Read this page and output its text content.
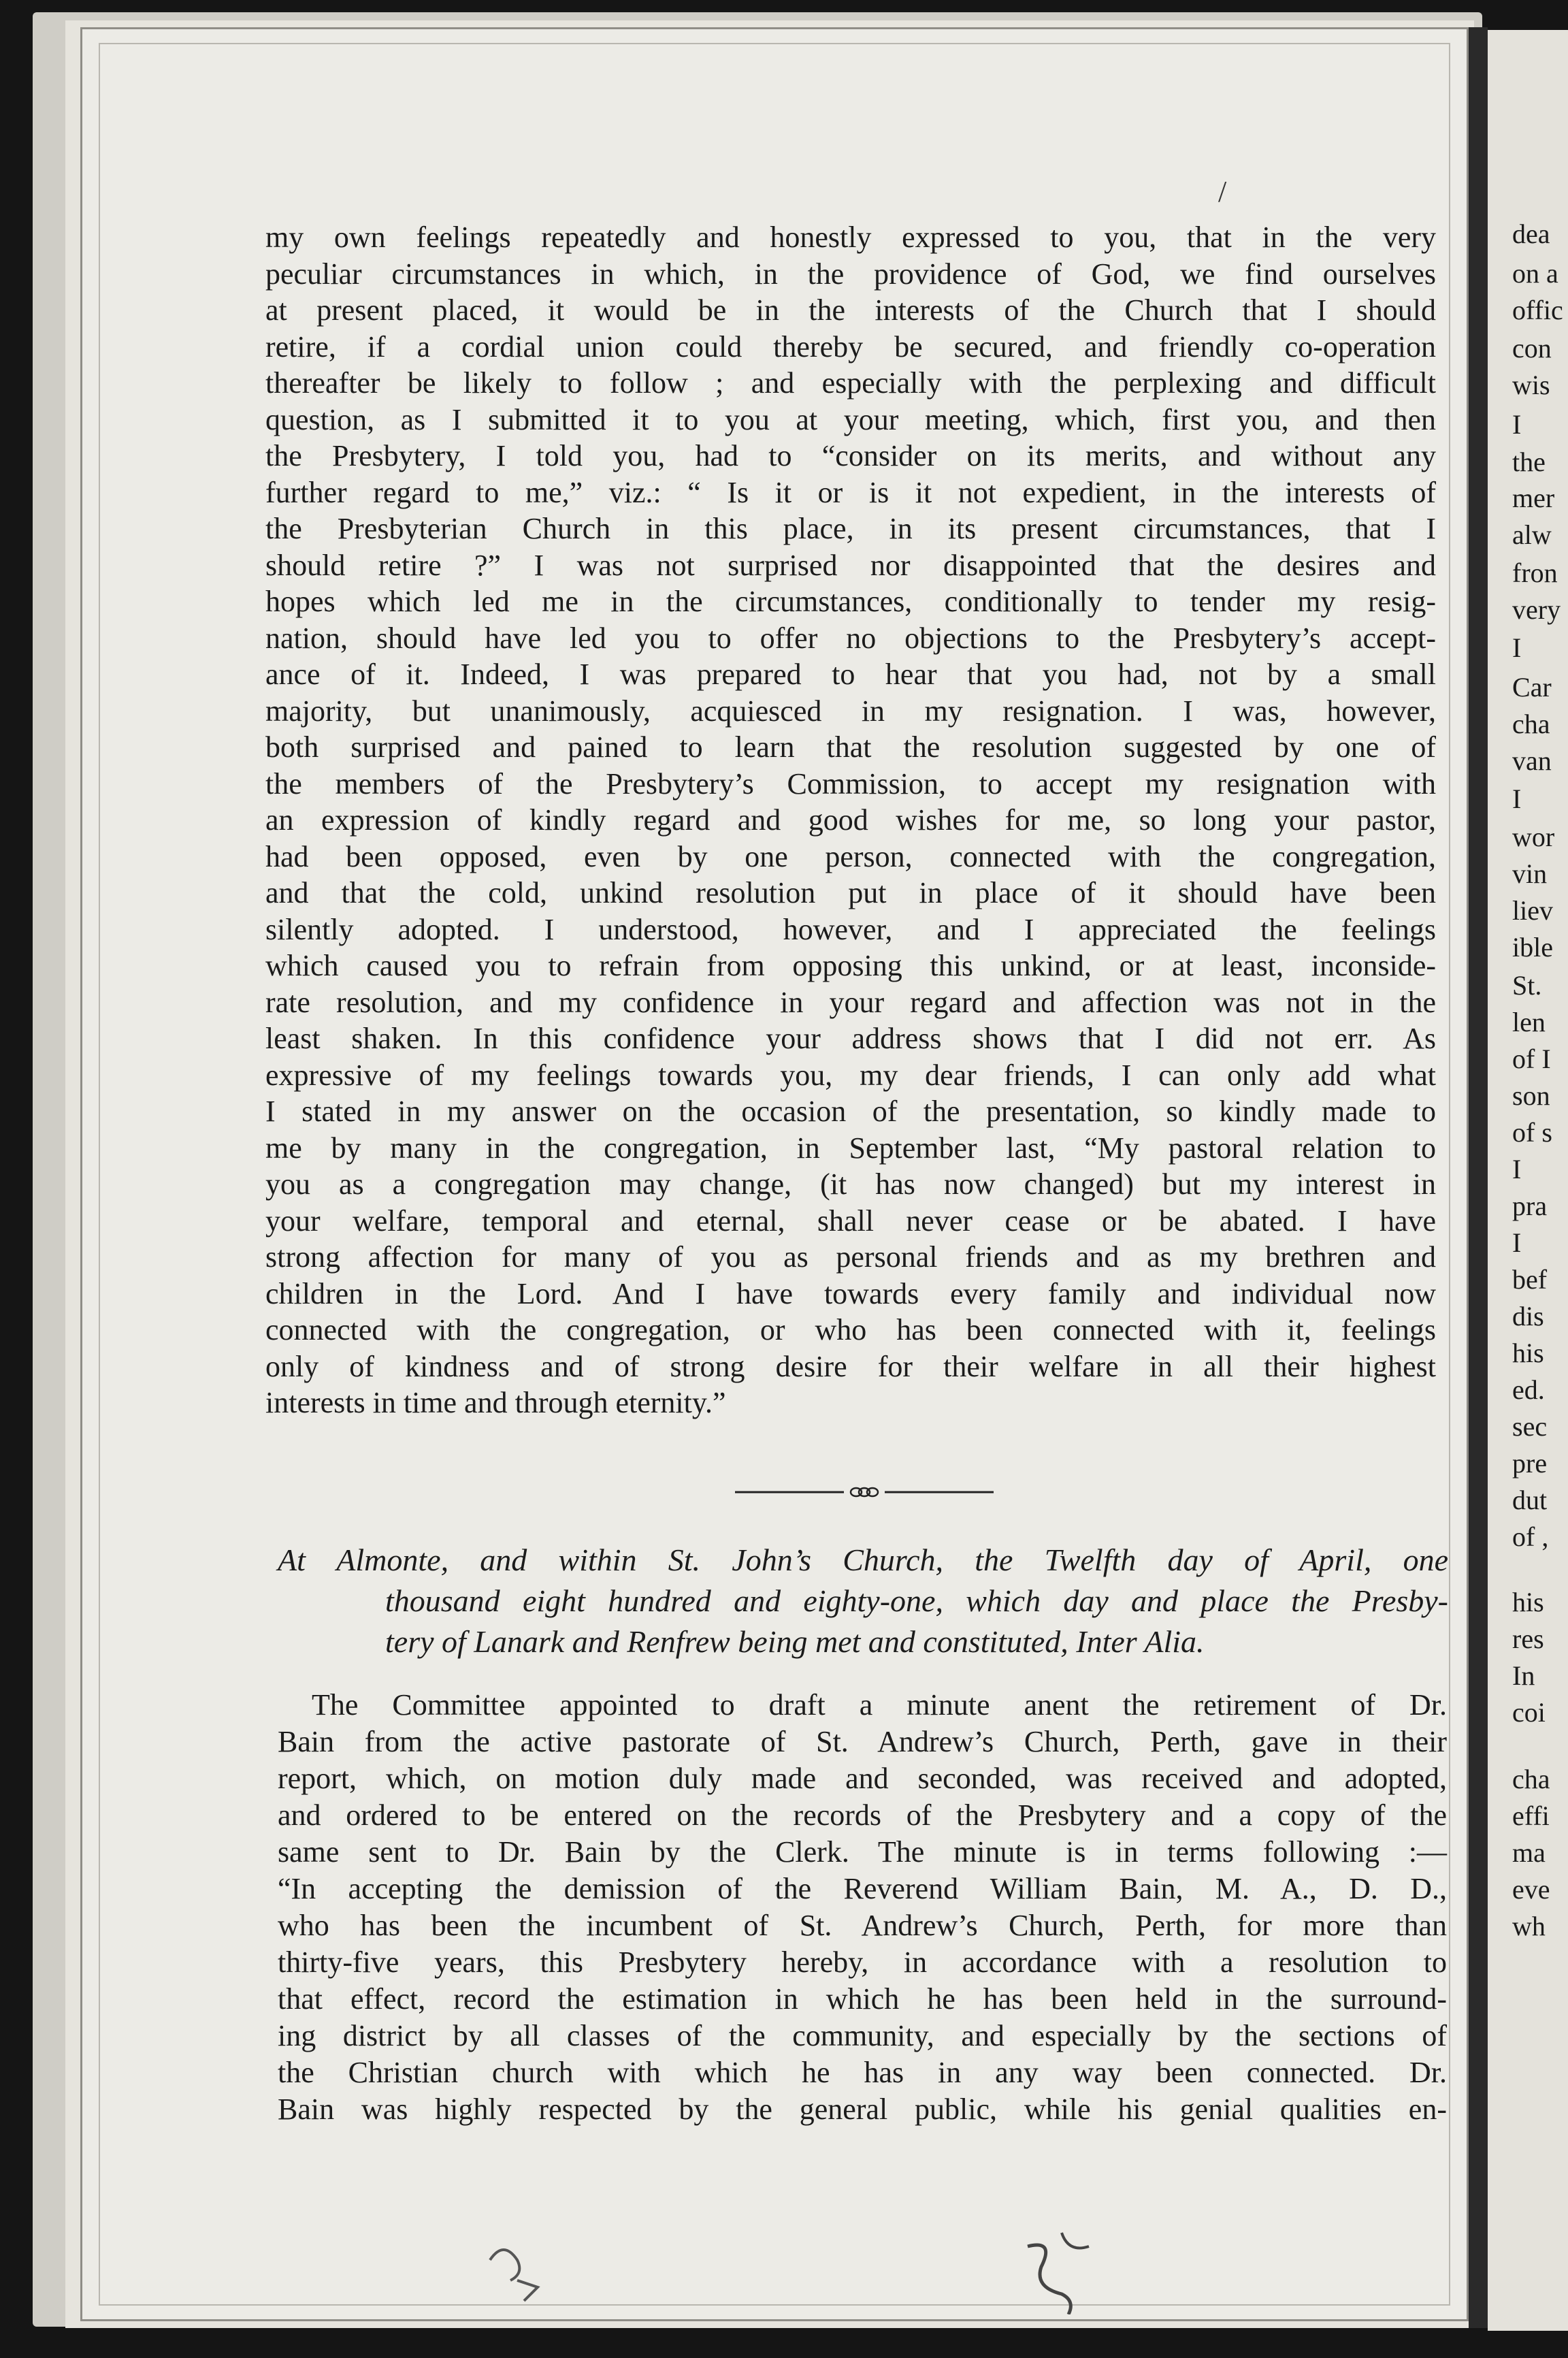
dea
on a
offic
con
wis
I
the
mer
alw
fron
very
I
Car
cha
van
I
wor
vin
liev
ible
St.
len
of I
son
of s
I
pra
I
bef
dis
his
ed.
sec
pre
dut
of ,
his
res
In
coi
cha
effi
ma
eve
wh
/
my own feelings repeatedly and honestly expressed to you, that in the very
peculiar circumstances in which, in the providence of God, we find ourselves
at present placed, it would be in the interests of the Church that I should
retire, if a cordial union could thereby be secured, and friendly co-operation
thereafter be likely to follow ; and especially with the perplexing and difficult
question, as I submitted it to you at your meeting, which, first you, and then
the Presbytery, I told you, had to “consider on its merits, and without any
further regard to me,” viz.: “ Is it or is it not expedient, in the interests of
the Presbyterian Church in this place, in its present circumstances, that I
should retire ?” I was not surprised nor disappointed that the desires and
hopes which led me in the circumstances, conditionally to tender my resig-
nation, should have led you to offer no objections to the Presbytery’s accept-
ance of it. Indeed, I was prepared to hear that you had, not by a small
majority, but unanimously, acquiesced in my resignation. I was, however,
both surprised and pained to learn that the resolution suggested by one of
the members of the Presbytery’s Commission, to accept my resignation with
an expression of kindly regard and good wishes for me, so long your pastor,
had been opposed, even by one person, connected with the congregation,
and that the cold, unkind resolution put in place of it should have been
silently adopted. I understood, however, and I appreciated the feelings
which caused you to refrain from opposing this unkind, or at least, inconside-
rate resolution, and my confidence in your regard and affection was not in the
least shaken. In this confidence your address shows that I did not err. As
expressive of my feelings towards you, my dear friends, I can only add what
I stated in my answer on the occasion of the presentation, so kindly made to
me by many in the congregation, in September last, “My pastoral relation to
you as a congregation may change, (it has now changed) but my interest in
your welfare, temporal and eternal, shall never cease or be abated. I have
strong affection for many of you as personal friends and as my brethren and
children in the Lord. And I have towards every family and individual now
connected with the congregation, or who has been connected with it, feelings
only of kindness and of strong desire for their welfare in all their highest
interests in time and through eternity.”
At Almonte, and within St. John’s Church, the Twelfth day of April, one
thousand eight hundred and eighty-one, which day and place the Presby-
tery of Lanark and Renfrew being met and constituted, Inter Alia.
The Committee appointed to draft a minute anent the retirement of Dr.
Bain from the active pastorate of St. Andrew’s Church, Perth, gave in their
report, which, on motion duly made and seconded, was received and adopted,
and ordered to be entered on the records of the Presbytery and a copy of the
same sent to Dr. Bain by the Clerk. The minute is in terms following :—
“In accepting the demission of the Reverend William Bain, M. A., D. D.,
who has been the incumbent of St. Andrew’s Church, Perth, for more than
thirty-five years, this Presbytery hereby, in accordance with a resolution to
that effect, record the estimation in which he has been held in the surround-
ing district by all classes of the community, and especially by the sections of
the Christian church with which he has in any way been connected. Dr.
Bain was highly respected by the general public, while his genial qualities en-
